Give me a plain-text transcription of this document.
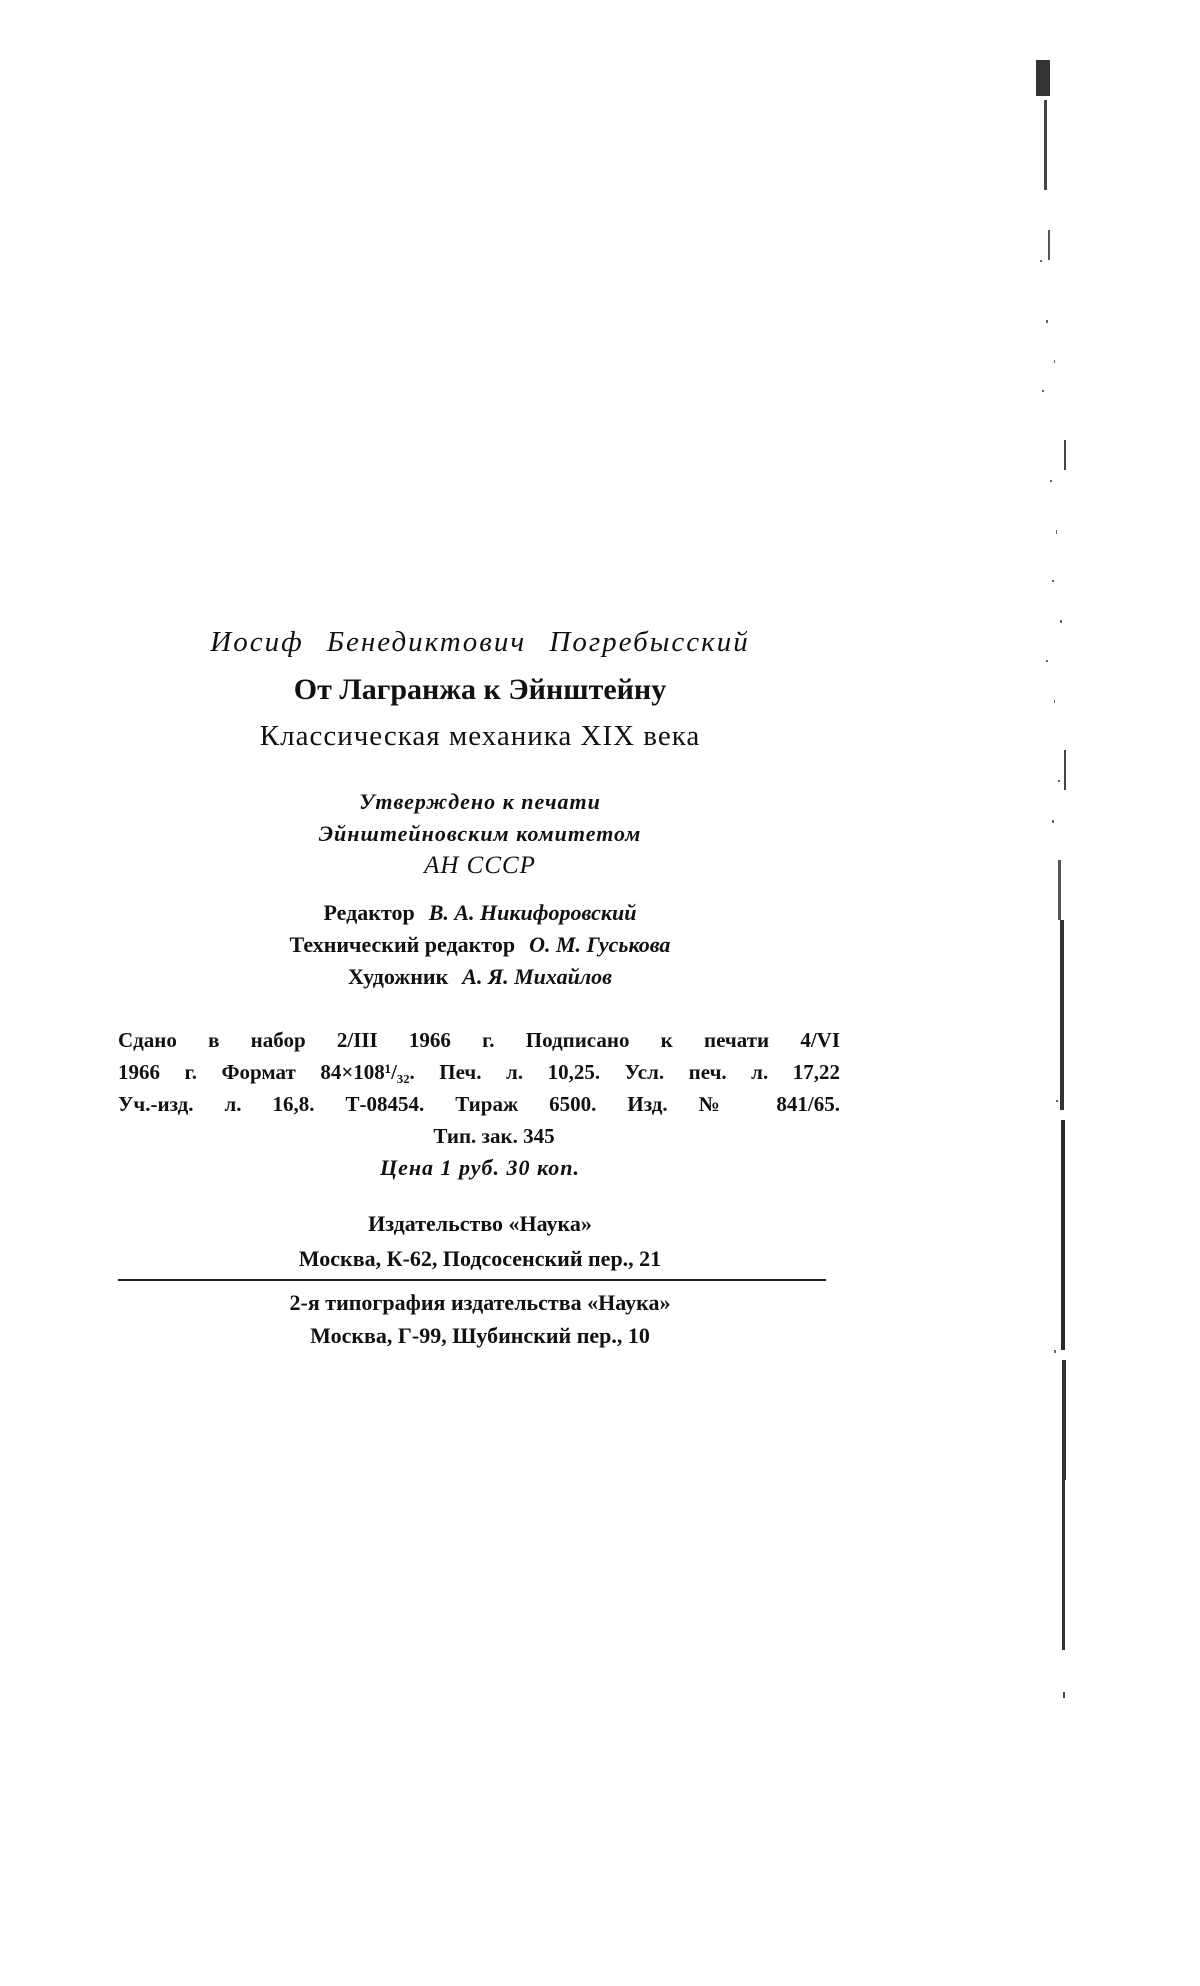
Иосиф Бенедиктович Погребысский
От Лагранжа к Эйнштейну
Классическая механика XIX века
Утверждено к печати
Эйнштейновским комитетом
АН СССР
Редактор В. А. Никифоровский
Технический редактор О. М. Гуськова
Художник А. Я. Михайлов
Сдано в набор 2/III 1966 г. Подписано к печати 4/VI
1966 г. Формат 84×108¹/₃₂. Печ. л. 10,25. Усл. печ. л. 17,22
Уч.-изд. л. 16,8. Т-08454. Тираж 6500. Изд. № 841/65.
Тип. зак. 345
Цена 1 руб. 30 коп.
Издательство «Наука»
Москва, К-62, Подсосенский пер., 21
2-я типография издательства «Наука»
Москва, Г-99, Шубинский пер., 10
